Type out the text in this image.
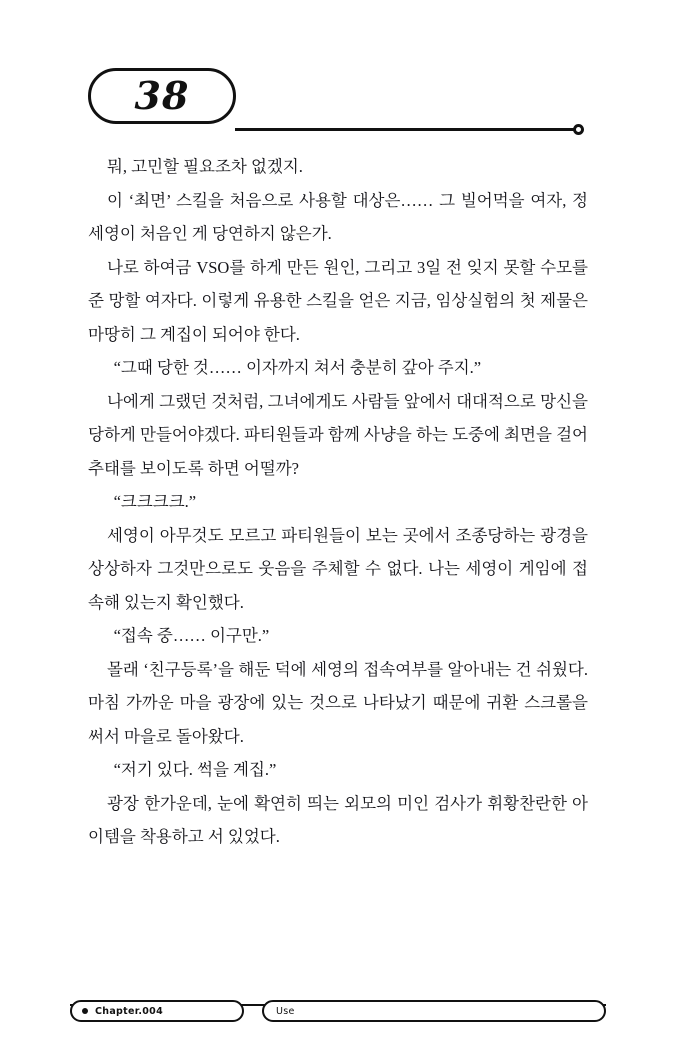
38

뭐, 고민할 필요조차 없겠지.

이 ‘최면’ 스킬을 처음으로 사용할 대상은…… 그 빌어먹을 여자, 정세영이 처음인 게 당연하지 않은가.

나로 하여금 VSO를 하게 만든 원인, 그리고 3일 전 잊지 못할 수모를 준 망할 여자다. 이렇게 유용한 스킬을 얻은 지금, 임상실험의 첫 제물은 마땅히 그 계집이 되어야 한다.

“그때 당한 것…… 이자까지 쳐서 충분히 갚아 주지.”

나에게 그랬던 것처럼, 그녀에게도 사람들 앞에서 대대적으로 망신을 당하게 만들어야겠다. 파티원들과 함께 사냥을 하는 도중에 최면을 걸어 추태를 보이도록 하면 어떨까?

“크크크크.”

세영이 아무것도 모르고 파티원들이 보는 곳에서 조종당하는 광경을 상상하자 그것만으로도 웃음을 주체할 수 없다. 나는 세영이 게임에 접속해 있는지 확인했다.

“접속 중…… 이구만.”

몰래 ‘친구등록’을 해둔 덕에 세영의 접속여부를 알아내는 건 쉬웠다. 마침 가까운 마을 광장에 있는 것으로 나타났기 때문에 귀환 스크롤을 써서 마을로 돌아왔다.

“저기 있다. 썩을 계집.”

광장 한가운데, 눈에 확연히 띄는 외모의 미인 검사가 휘황찬란한 아이템을 착용하고 서 있었다.

Chapter.004	Use
